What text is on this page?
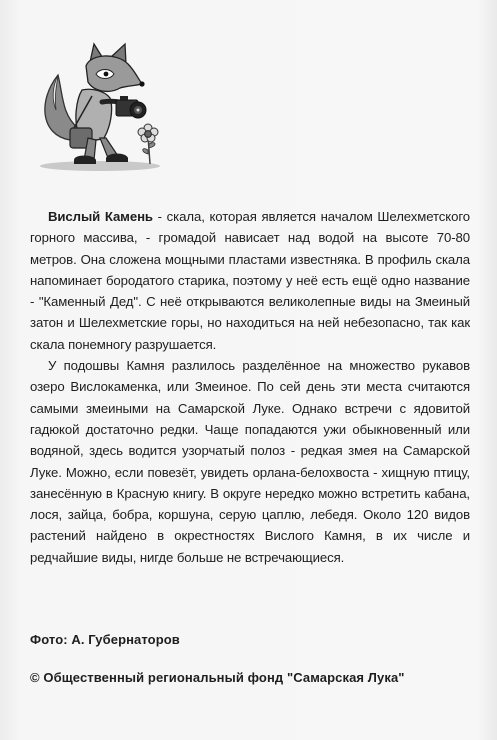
Вислый Камень - скала, которая является началом Шелехметского горного массива, - громадой нависает над водой на высоте 70-80 метров. Она сложена мощными пластами известняка. В профиль скала напоминает бородатого старика, поэтому у неё есть ещё одно название - "Каменный Дед". С неё открываются великолепные виды на Змеиный затон и Шелехметские горы, но находиться на ней небезопасно, так как скала понемногу разрушается.

У подошвы Камня разлилось разделённое на множество рукавов озеро Вислокаменка, или Змеиное. По сей день эти места считаются самыми змеиными на Самарской Луке. Однако встречи с ядовитой гадюкой достаточно редки. Чаще попадаются ужи обыкновенный или водяной, здесь водится узорчатый полоз - редкая змея на Самарской Луке. Можно, если повезёт, увидеть орлана-белохвоста - хищную птицу, занесённую в Красную книгу. В округе нередко можно встретить кабана, лося, зайца, бобра, коршуна, серую цаплю, лебедя. Около 120 видов растений найдено в окрестностях Вислого Камня, в их числе и редчайшие виды, нигде больше не встречающиеся.

Фото: А. Губернаторов
© Общественный региональный фонд "Самарская Лука"
